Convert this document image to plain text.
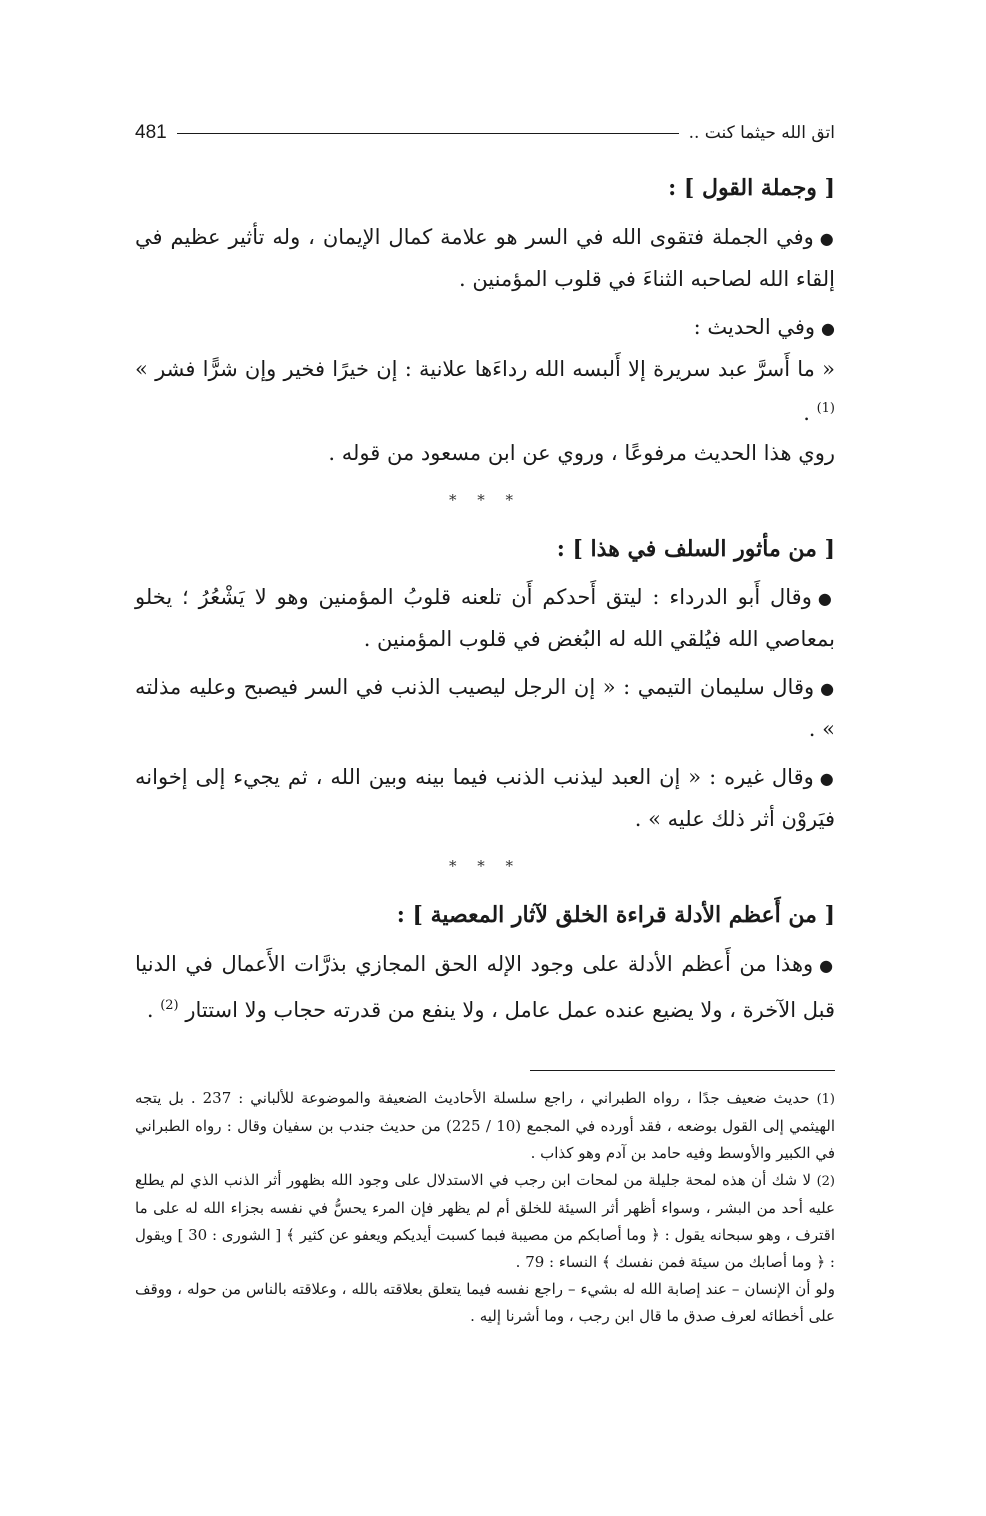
اتق الله حيثما كنت ..
481
[ وجملة القول ] :

●وفي الجملة فتقوى الله في السر هو علامة كمال الإيمان ، وله تأثير عظيم في إلقاء الله لصاحبه الثناءَ في قلوب المؤمنين .

●وفي الحديث :

« ما أَسرَّ عبد سريرة إلا أَلبسه الله رداءَها علانية : إن خيرًا فخير وإن شرًّا فشر » $^{(1)}$ .

روي هذا الحديث مرفوعًا ، وروي عن ابن مسعود من قوله .

* * *
[ من مأثور السلف في هذا ] :

●وقال أَبو الدرداء : ليتق أَحدكم أَن تلعنه قلوبُ المؤمنين وهو لا يَشْعُرُ ؛ يخلو بمعاصي الله فيُلقي الله له البُغض في قلوب المؤمنين .

●وقال سليمان التيمي : « إن الرجل ليصيب الذنب في السر فيصبح وعليه مذلته » .

●وقال غيره : « إن العبد ليذنب الذنب فيما بينه وبين الله ، ثم يجيء إلى إخوانه فيَروْن أثر ذلك عليه » .

* * *
[ من أَعظم الأدلة قراءة الخلق لآثار المعصية ] :

●وهذا من أَعظم الأدلة على وجود الإله الحق المجازي بذرَّات الأَعمال في الدنيا قبل الآخرة ، ولا يضيع عنده عمل عامل ، ولا ينفع من قدرته حجاب ولا استتار $^{(2)}$ .

(1) حديث ضعيف جدًا ، رواه الطبراني ، راجع سلسلة الأحاديث الضعيفة والموضوعة للألباني : 237 . بل يتجه الهيثمي إلى القول بوضعه ، فقد أورده في المجمع (10 / 225) من حديث جندب بن سفيان وقال : رواه الطبراني في الكبير والأوسط وفيه حامد بن آدم وهو كذاب .

(2) لا شك أن هذه لمحة جليلة من لمحات ابن رجب في الاستدلال على وجود الله بظهور أثر الذنب الذي لم يطلع عليه أحد من البشر ، وسواء أظهر أثر السيئة للخلق أم لم يظهر فإن المرء يحسُّ في نفسه بجزاء الله له على ما اقترف ، وهو سبحانه يقول : ﴿ وما أصابكم من مصيبة فبما كسبت أيديكم ويعفو عن كثير ﴾ [ الشورى : 30 ] ويقول : ﴿ وما أصابك من سيئة فمن نفسك ﴾ النساء : 79 .

ولو أن الإنسان – عند إصابة الله له بشيء – راجع نفسه فيما يتعلق بعلاقته بالله ، وعلاقته بالناس من حوله ، ووقف على أخطائه لعرف صدق ما قال ابن رجب ، وما أشرنا إليه .
